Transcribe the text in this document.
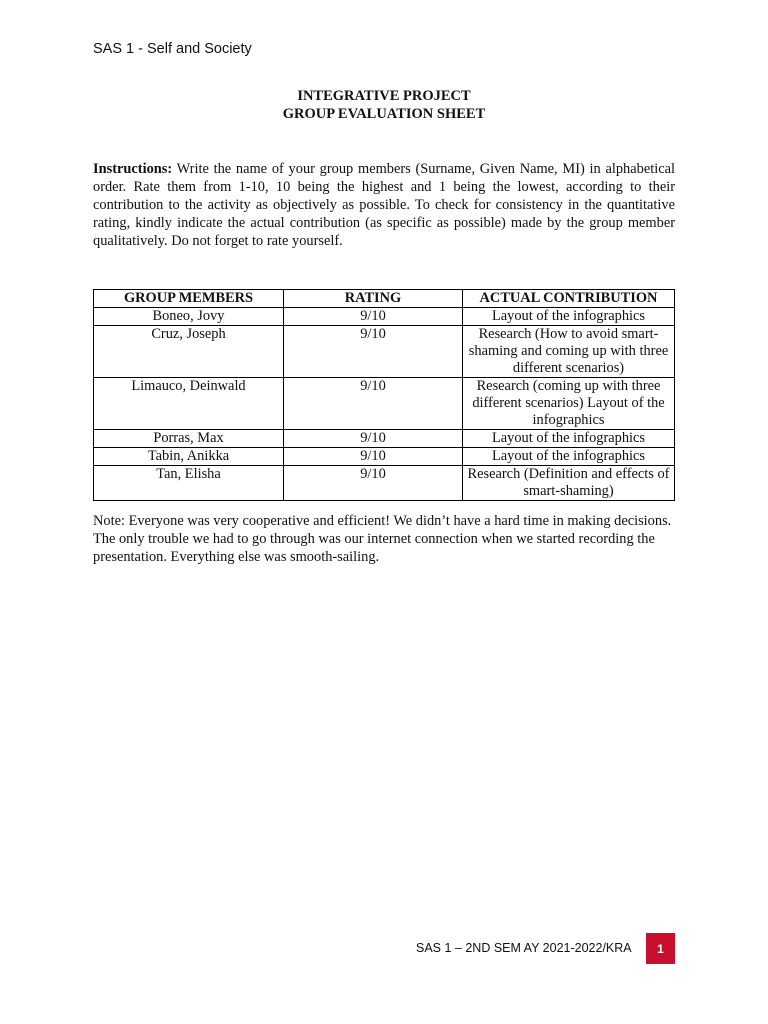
SAS 1 - Self and Society
INTEGRATIVE PROJECT
GROUP EVALUATION SHEET
Instructions: Write the name of your group members (Surname, Given Name, MI) in alphabetical order. Rate them from 1-10, 10 being the highest and 1 being the lowest, according to their contribution to the activity as objectively as possible. To check for consistency in the quantitative rating, kindly indicate the actual contribution (as specific as possible) made by the group member qualitatively. Do not forget to rate yourself.
GROUP MEMBERS	RATING	ACTUAL CONTRIBUTION
Boneo, Jovy	9/10	Layout of the infographics
Cruz, Joseph	9/10	Research (How to avoid smart-shaming and coming up with three different scenarios)
Limauco, Deinwald	9/10	Research (coming up with three different scenarios) Layout of the infographics
Porras, Max	9/10	Layout of the infographics
Tabin, Anikka	9/10	Layout of the infographics
Tan, Elisha	9/10	Research (Definition and effects of smart-shaming)
Note: Everyone was very cooperative and efficient! We didn’t have a hard time in making decisions. The only trouble we had to go through was our internet connection when we started recording the presentation. Everything else was smooth-sailing.
SAS 1 – 2ND SEM AY 2021-2022/KRA	1
